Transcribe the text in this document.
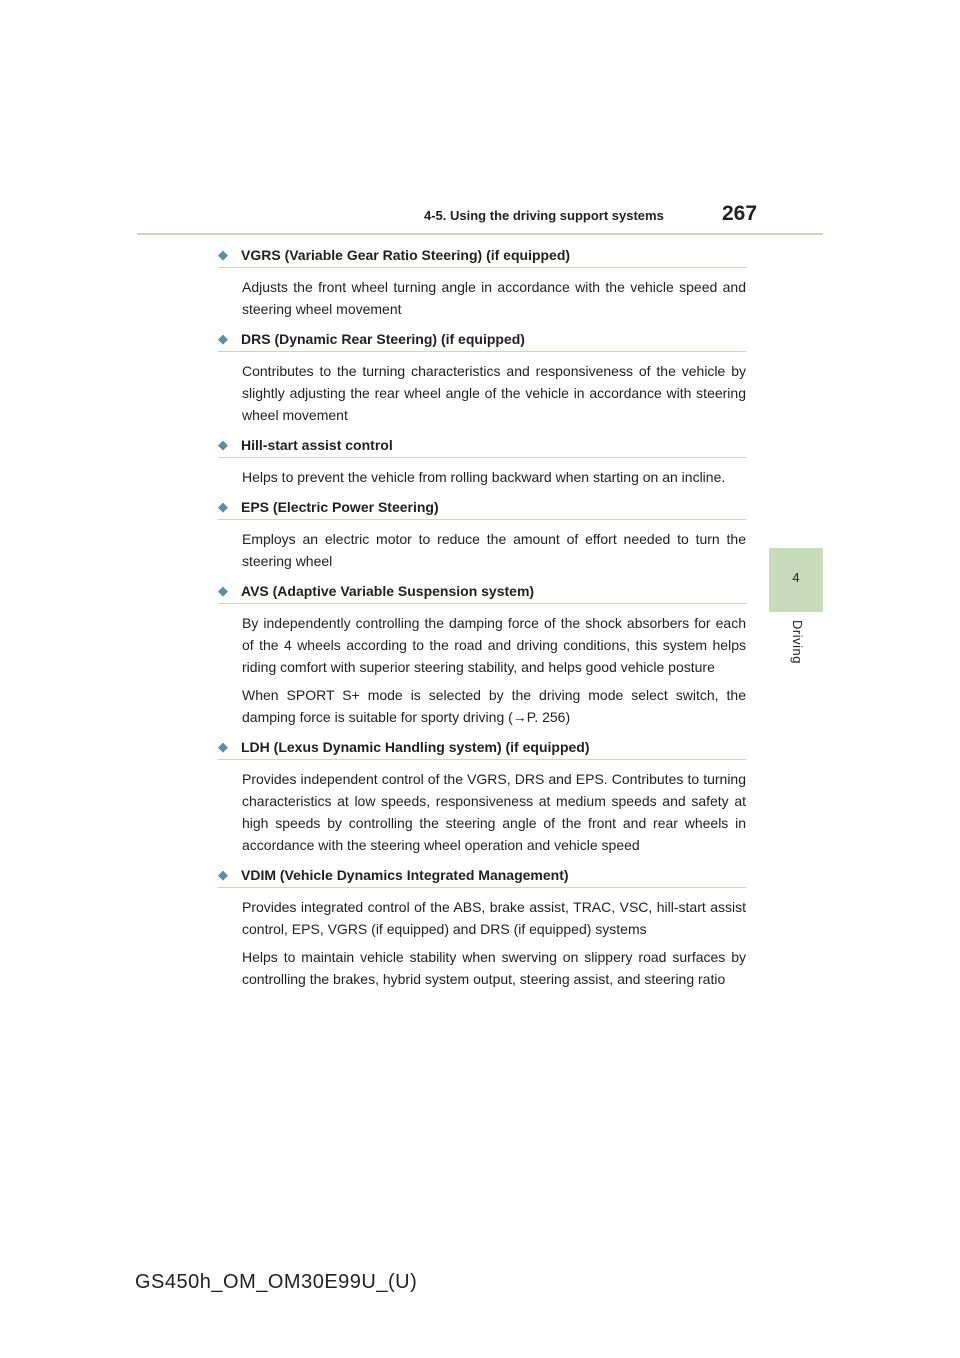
4-5. Using the driving support systems	267
4
Driving
◆ VGRS (Variable Gear Ratio Steering) (if equipped)

Adjusts the front wheel turning angle in accordance with the vehicle speed and steering wheel movement

◆ DRS (Dynamic Rear Steering) (if equipped)

Contributes to the turning characteristics and responsiveness of the vehicle by slightly adjusting the rear wheel angle of the vehicle in accordance with steering wheel movement

◆ Hill-start assist control

Helps to prevent the vehicle from rolling backward when starting on an incline.

◆ EPS (Electric Power Steering)

Employs an electric motor to reduce the amount of effort needed to turn the steering wheel

◆ AVS (Adaptive Variable Suspension system)

By independently controlling the damping force of the shock absorbers for each of the 4 wheels according to the road and driving conditions, this system helps riding comfort with superior steering stability, and helps good vehicle posture

When SPORT S+ mode is selected by the driving mode select switch, the damping force is suitable for sporty driving (→P. 256)

◆ LDH (Lexus Dynamic Handling system) (if equipped)

Provides independent control of the VGRS, DRS and EPS. Contributes to turning characteristics at low speeds, responsiveness at medium speeds and safety at high speeds by controlling the steering angle of the front and rear wheels in accordance with the steering wheel operation and vehicle speed

◆ VDIM (Vehicle Dynamics Integrated Management)

Provides integrated control of the ABS, brake assist, TRAC, VSC, hill-start assist control, EPS, VGRS (if equipped) and DRS (if equipped) systems

Helps to maintain vehicle stability when swerving on slippery road surfaces by controlling the brakes, hybrid system output, steering assist, and steering ratio

GS450h_OM_OM30E99U_(U)
